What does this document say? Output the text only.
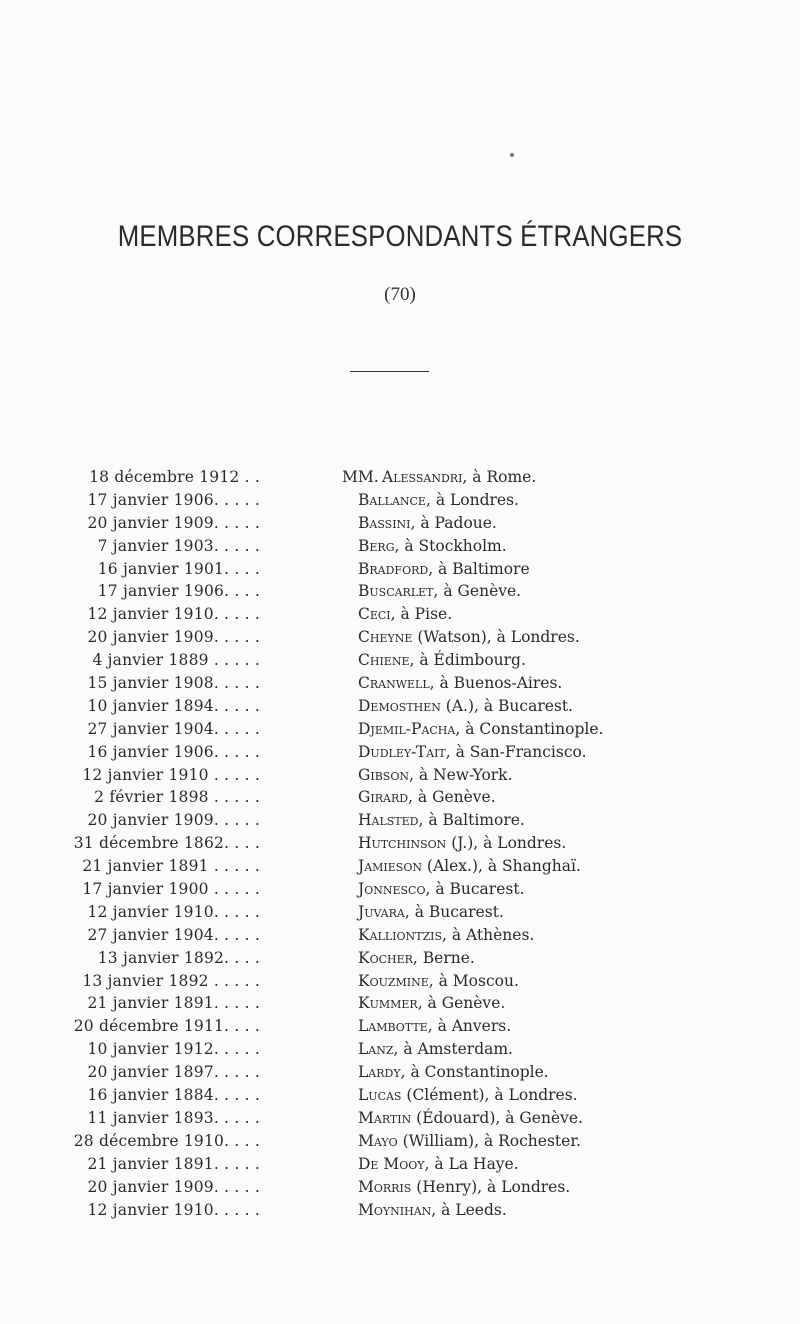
MEMBRES CORRESPONDANTS ÉTRANGERS
(70)
18 décembre 1912 . .	MM. Alessandri, à Rome.
17 janvier 1906. . . . .	Ballance, à Londres.
20 janvier 1909. . . . .	Bassini, à Padoue.
7 janvier 1903. . . . .	Berg, à Stockholm.
16 janvier 1901. . . .	Bradford, à Baltimore
17 janvier 1906. . . .	Buscarlet, à Genève.
12 janvier 1910. . . . .	Ceci, à Pise.
20 janvier 1909. . . . .	Cheyne (Watson), à Londres.
4 janvier 1889 . . . . .	Chiene, à Édimbourg.
15 janvier 1908. . . . .	Cranwell, à Buenos-Aires.
10 janvier 1894. . . . .	Demosthen (A.), à Bucarest.
27 janvier 1904. . . . .	Djemil-Pacha, à Constantinople.
16 janvier 1906. . . . .	Dudley-Tait, à San-Francisco.
12 janvier 1910 . . . . .	Gibson, à New-York.
2 février 1898 . . . . .	Girard, à Genève.
20 janvier 1909. . . . .	Halsted, à Baltimore.
31 décembre 1862. . . .	Hutchinson (J.), à Londres.
21 janvier 1891 . . . . .	Jamieson (Alex.), à Shanghaï.
17 janvier 1900 . . . . .	Jonnesco, à Bucarest.
12 janvier 1910. . . . .	Juvara, à Bucarest.
27 janvier 1904. . . . .	Kalliontzis, à Athènes.
13 janvier 1892. . . .	Kocher, Berne.
13 janvier 1892 . . . . .	Kouzmine, à Moscou.
21 janvier 1891. . . . .	Kummer, à Genève.
20 décembre 1911. . . .	Lambotte, à Anvers.
10 janvier 1912. . . . .	Lanz, à Amsterdam.
20 janvier 1897. . . . .	Lardy, à Constantinople.
16 janvier 1884. . . . .	Lucas (Clément), à Londres.
11 janvier 1893. . . . .	Martin (Édouard), à Genève.
28 décembre 1910. . . .	Mayo (William), à Rochester.
21 janvier 1891. . . . .	De Mooy, à La Haye.
20 janvier 1909. . . . .	Morris (Henry), à Londres.
12 janvier 1910. . . . .	Moynihan, à Leeds.
